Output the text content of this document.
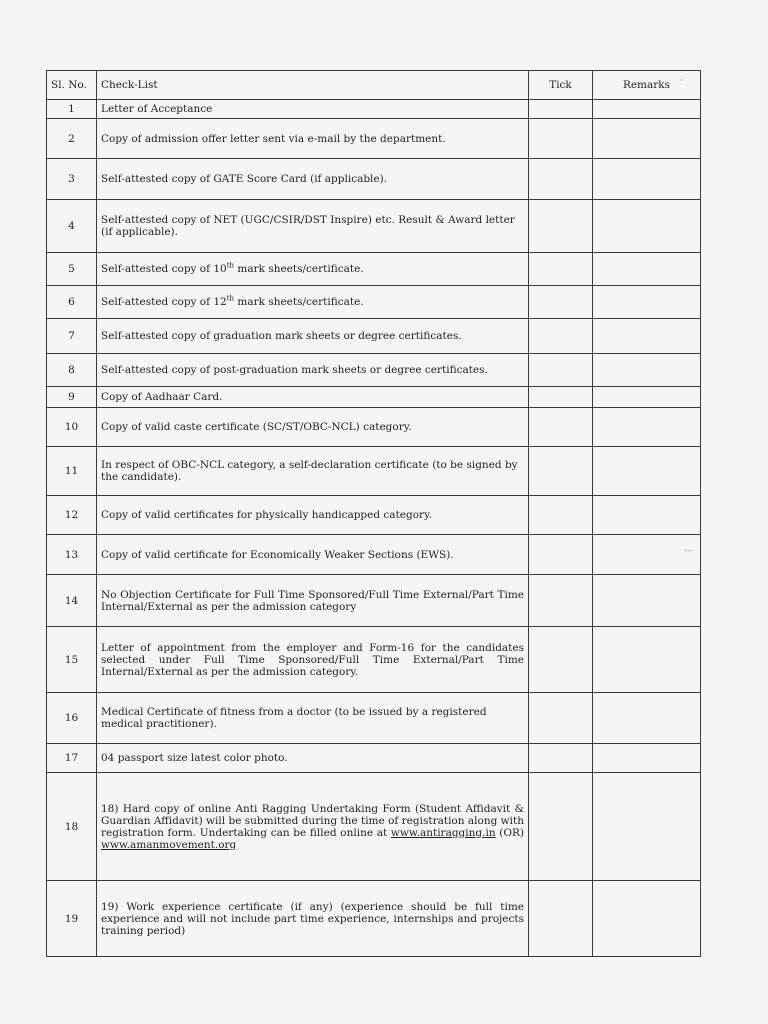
Sl. No.	Check-List	Tick	Remarks
1	Letter of Acceptance		
2	Copy of admission offer letter sent via e-mail by the department.		
3	Self-attested copy of GATE Score Card (if applicable).		
4	Self-attested copy of NET (UGC/CSIR/DST Inspire) etc. Result & Award letter (if applicable).		
5	Self-attested copy of 10th mark sheets/certificate.		
6	Self-attested copy of 12th mark sheets/certificate.		
7	Self-attested copy of graduation mark sheets or degree certificates.		
8	Self-attested copy of post-graduation mark sheets or degree certificates.		
9	Copy of Aadhaar Card.		
10	Copy of valid caste certificate (SC/ST/OBC-NCL) category.		
11	In respect of OBC-NCL category, a self-declaration certificate (to be signed by the candidate).		
12	Copy of valid certificates for physically handicapped category.		
13	Copy of valid certificate for Economically Weaker Sections (EWS).		
14	No Objection Certificate for Full Time Sponsored/Full Time External/Part Time Internal/External as per the admission category		
15	Letter of appointment from the employer and Form-16 for the candidates selected under Full Time Sponsored/Full Time External/Part Time Internal/External as per the admission category.		
16	Medical Certificate of fitness from a doctor (to be issued by a registered medical practitioner).		
17	04 passport size latest color photo.		
18	18) Hard copy of online Anti Ragging Undertaking Form (Student Affidavit & Guardian Affidavit) will be submitted during the time of registration along with registration form. Undertaking can be filled online at www.antiragging.in (OR) www.amanmovement.org		
19	19) Work experience certificate (if any) (experience should be full time experience and will not include part time experience, internships and projects training period)		
·
·-·
